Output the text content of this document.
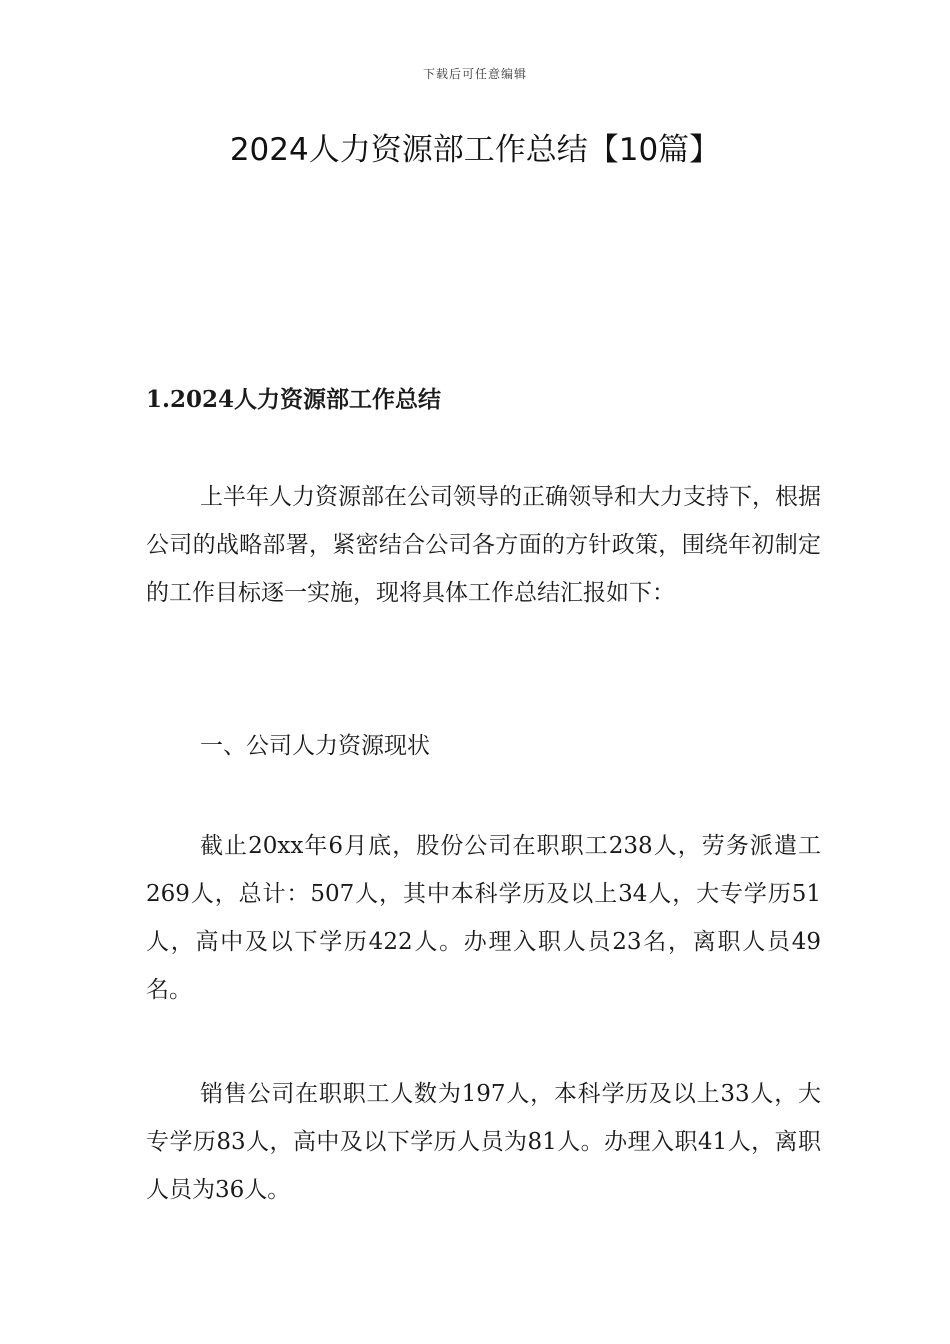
下载后可任意编辑
2024人力资源部工作总结【10篇】
1.2024人力资源部工作总结

上半年人力资源部在公司领导的正确领导和大力支持下，根据公司的战略部署，紧密结合公司各方面的方针政策，围绕年初制定的工作目标逐一实施，现将具体工作总结汇报如下：

一、公司人力资源现状

截止20xx年6月底，股份公司在职职工238人，劳务派遣工269人，总计：507人，其中本科学历及以上34人，大专学历51人，高中及以下学历422人。办理入职人员23名，离职人员49名。

销售公司在职职工人数为197人，本科学历及以上33人，大专学历83人，高中及以下学历人员为81人。办理入职41人，离职人员为36人。
